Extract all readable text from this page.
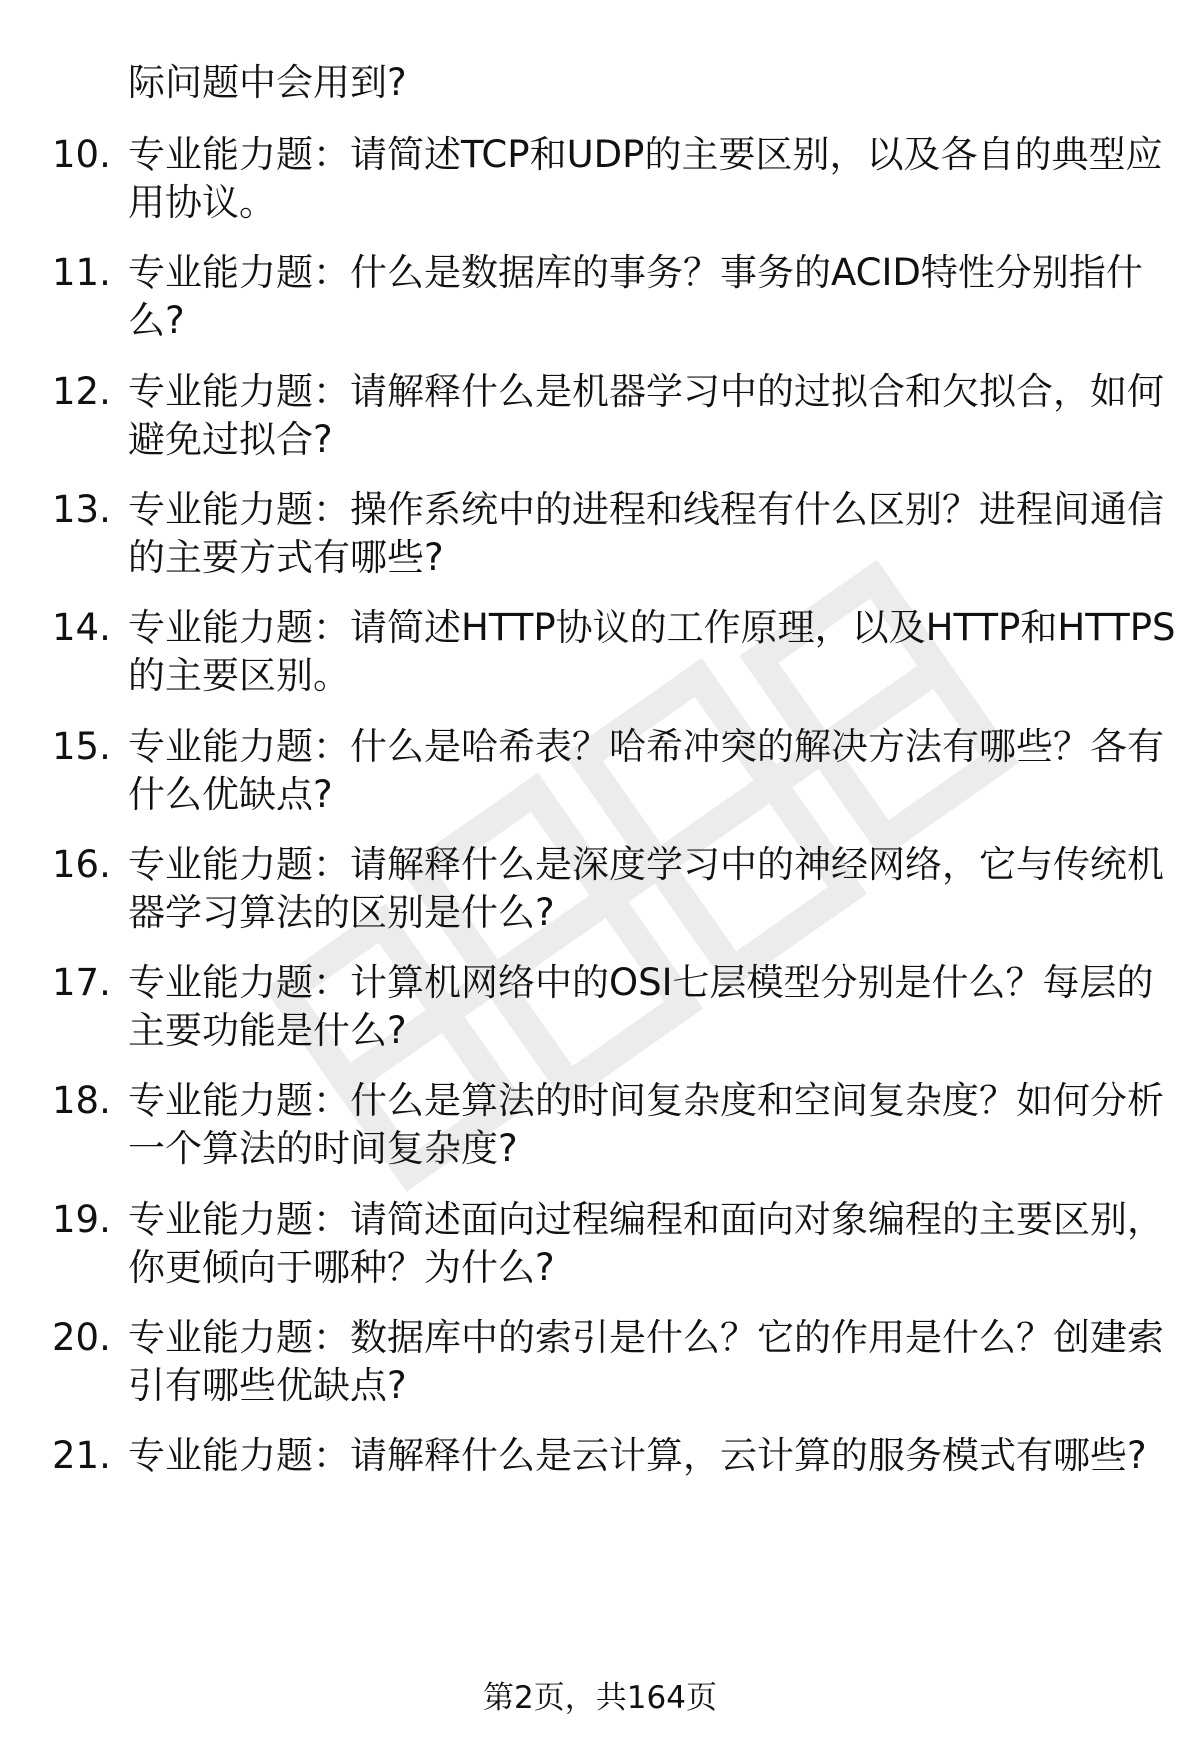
际问题中会用到?
10. 专业能力题：请简述TCP和UDP的主要区别，以及各自的典型应
用协议。
11. 专业能力题：什么是数据库的事务？事务的ACID特性分别指什
么?
12. 专业能力题：请解释什么是机器学习中的过拟合和欠拟合，如何
避免过拟合?
13. 专业能力题：操作系统中的进程和线程有什么区别？进程间通信
的主要方式有哪些?
14. 专业能力题：请简述HTTP协议的工作原理，以及HTTP和HTTPS
的主要区别。
15. 专业能力题：什么是哈希表？哈希冲突的解决方法有哪些？各有
什么优缺点?
16. 专业能力题：请解释什么是深度学习中的神经网络，它与传统机
器学习算法的区别是什么?
17. 专业能力题：计算机网络中的OSI七层模型分别是什么？每层的
主要功能是什么?
18. 专业能力题：什么是算法的时间复杂度和空间复杂度？如何分析
一个算法的时间复杂度?
19. 专业能力题：请简述面向过程编程和面向对象编程的主要区别，
你更倾向于哪种？为什么?
20. 专业能力题：数据库中的索引是什么？它的作用是什么？创建索
引有哪些优缺点?
21. 专业能力题：请解释什么是云计算，云计算的服务模式有哪些?
第2页，共164页
